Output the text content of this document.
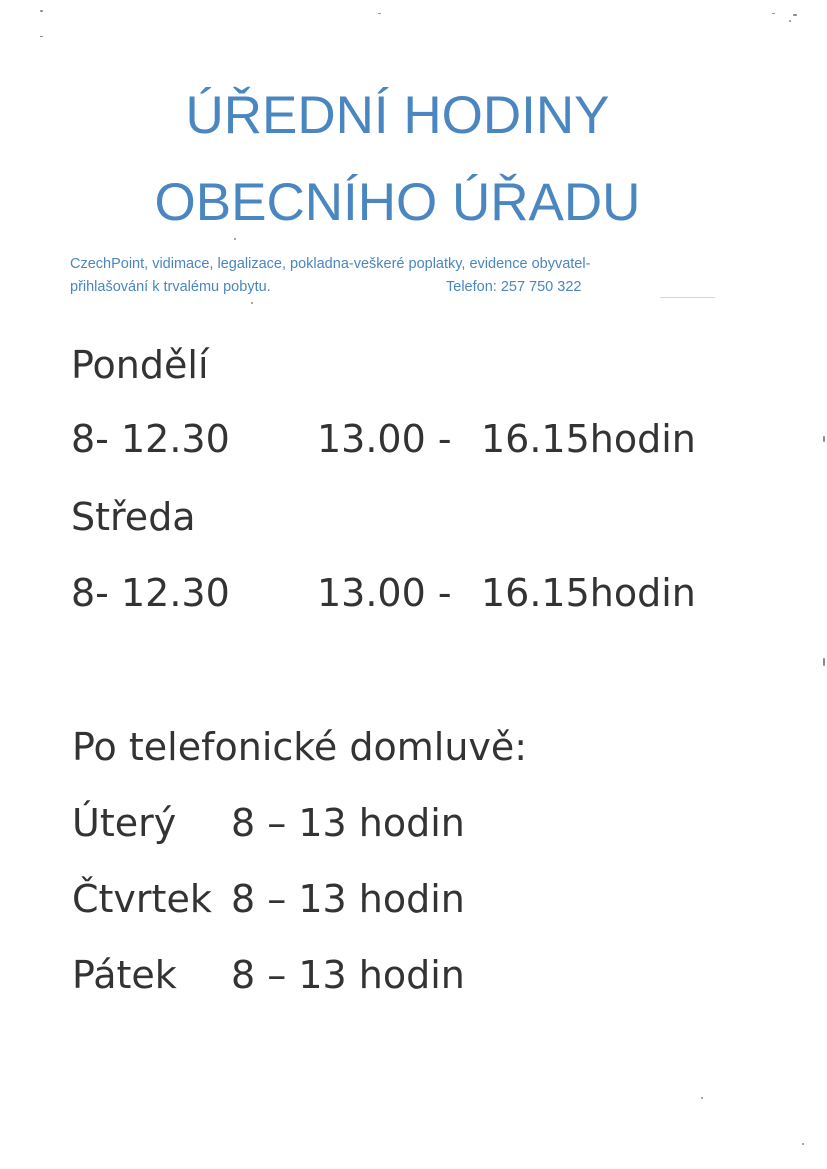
ÚŘEDNÍ HODINY
OBECNÍHO ÚŘADU
CzechPoint, vidimace, legalizace, pokladna-veškeré poplatky, evidence obyvatel-
přihlašování k trvalému pobytu.	Telefon: 257 750 322
Pondělí
8- 12.30 13.00 - 16.15hodin
Středa
8- 12.30 13.00 - 16.15hodin
Po telefonické domluvě:
Úterý 8 – 13 hodin
Čtvrtek 8 – 13 hodin
Pátek 8 – 13 hodin
